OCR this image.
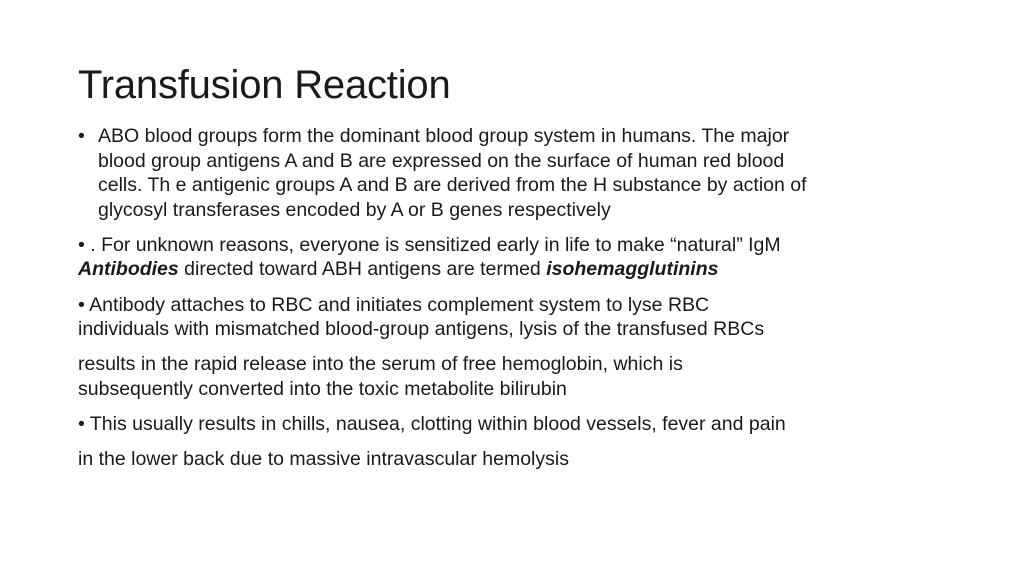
Transfusion Reaction
• ABO blood groups form the dominant blood group system in humans. The major
blood group antigens A and B are expressed on the surface of human red blood
cells. Th e antigenic groups A and B are derived from the H substance by action of
glycosyl transferases encoded by A or B genes respectively
• . For unknown reasons, everyone is sensitized early in life to make “natural” IgM
Antibodies directed toward ABH antigens are termed isohemagglutinins
• Antibody attaches to RBC and initiates complement system to lyse RBC
individuals with mismatched blood-group antigens, lysis of the transfused RBCs
results in the rapid release into the serum of free hemoglobin, which is
subsequently converted into the toxic metabolite bilirubin
• This usually results in chills, nausea, clotting within blood vessels, fever and pain
in the lower back due to massive intravascular hemolysis
